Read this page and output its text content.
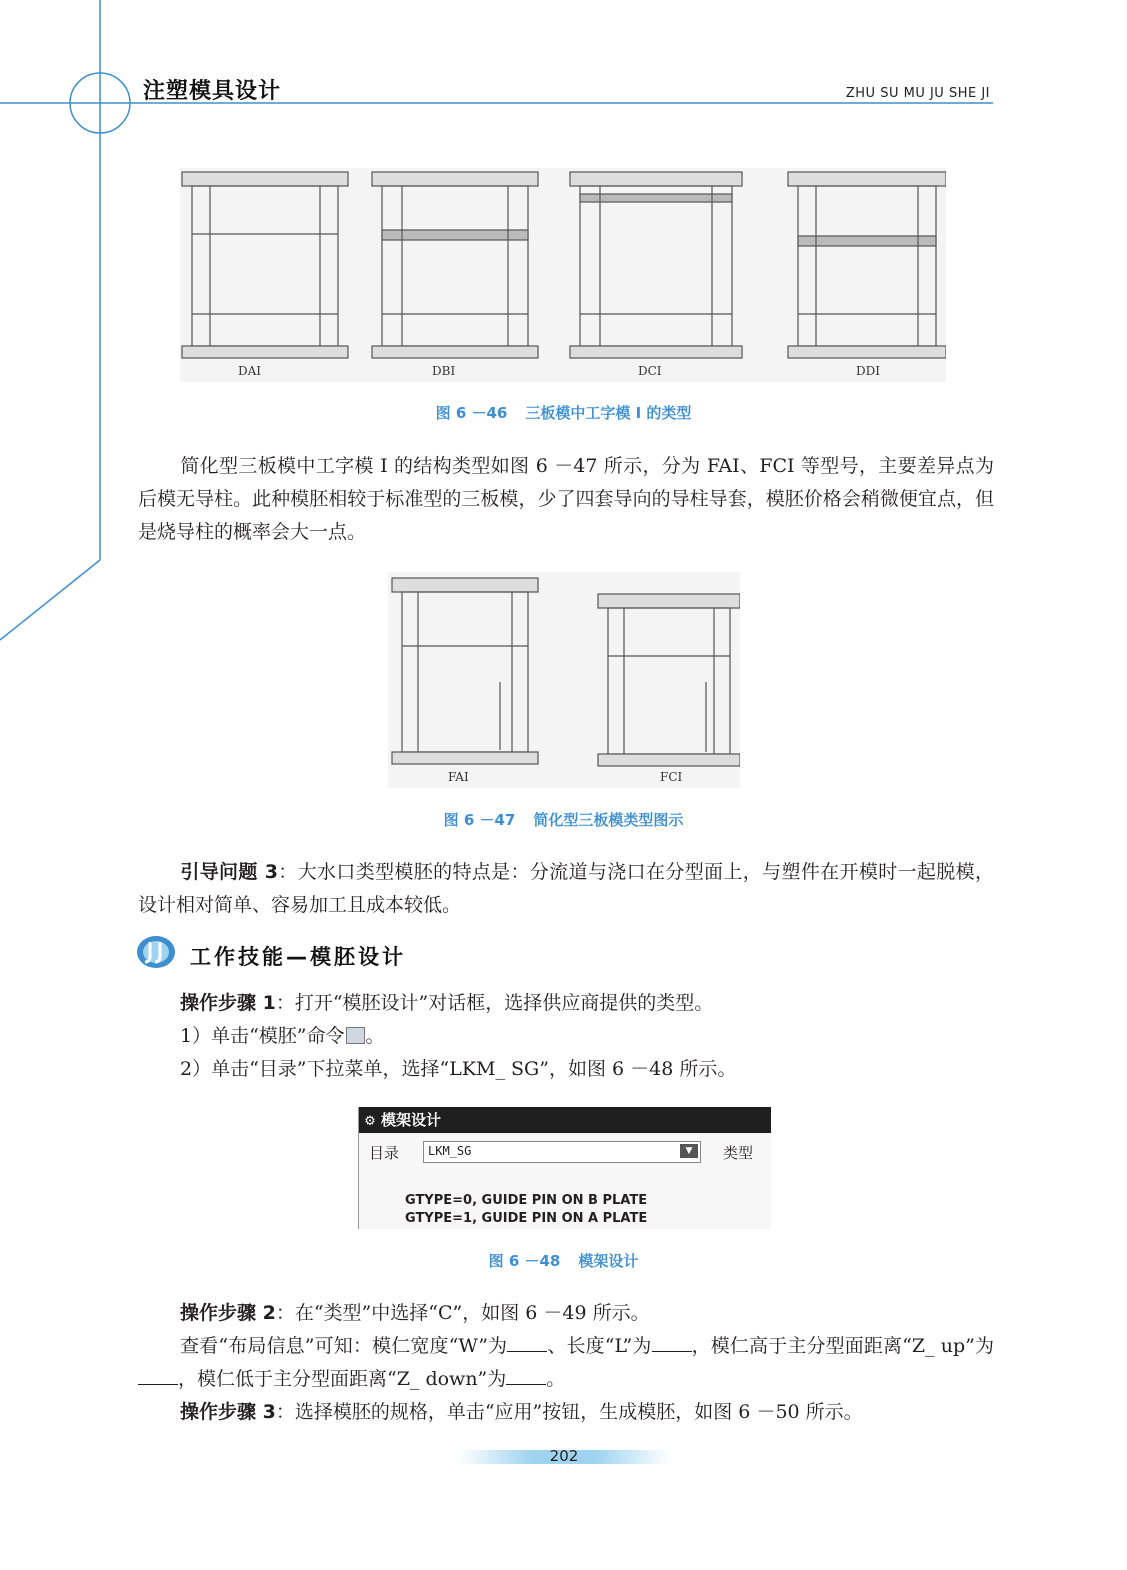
注塑模具设计	ZHU SU MU JU SHE JI
DAI	DBI	DCI	DDI
图 6 －46 三板模中工字模 I 的类型
简化型三板模中工字模 I 的结构类型如图 6 －47 所示，分为 FAI、FCI 等型号，主要差异点为后模无导柱。此种模胚相较于标准型的三板模，少了四套导向的导柱导套，模胚价格会稍微便宜点，但是烧导柱的概率会大一点。
FAI	FCI
图 6 －47 简化型三板模类型图示
引导问题 3：大水口类型模胚的特点是：分流道与浇口在分型面上，与塑件在开模时一起脱模，设计相对简单、容易加工且成本较低。
工作技能—模胚设计
操作步骤 1：打开“模胚设计”对话框，选择供应商提供的类型。
1）单击“模胚”命令 。
2）单击“目录”下拉菜单，选择“LKM_ SG”，如图 6 －48 所示。
⚙ 模架设计
目录 LKM_SG	▼	类型
GTYPE=0, GUIDE PIN ON B PLATE
GTYPE=1, GUIDE PIN ON A PLATE
图 6 －48 模架设计
操作步骤 2：在“类型”中选择“C”，如图 6 －49 所示。
查看“布局信息”可知：模仁宽度“W”为 、长度“L”为 ，模仁高于主分型面距离“Z_ up”为，模仁低于主分型面距离“Z_ down”为 。
操作步骤 3：选择模胚的规格，单击“应用”按钮，生成模胚，如图 6 －50 所示。
202
